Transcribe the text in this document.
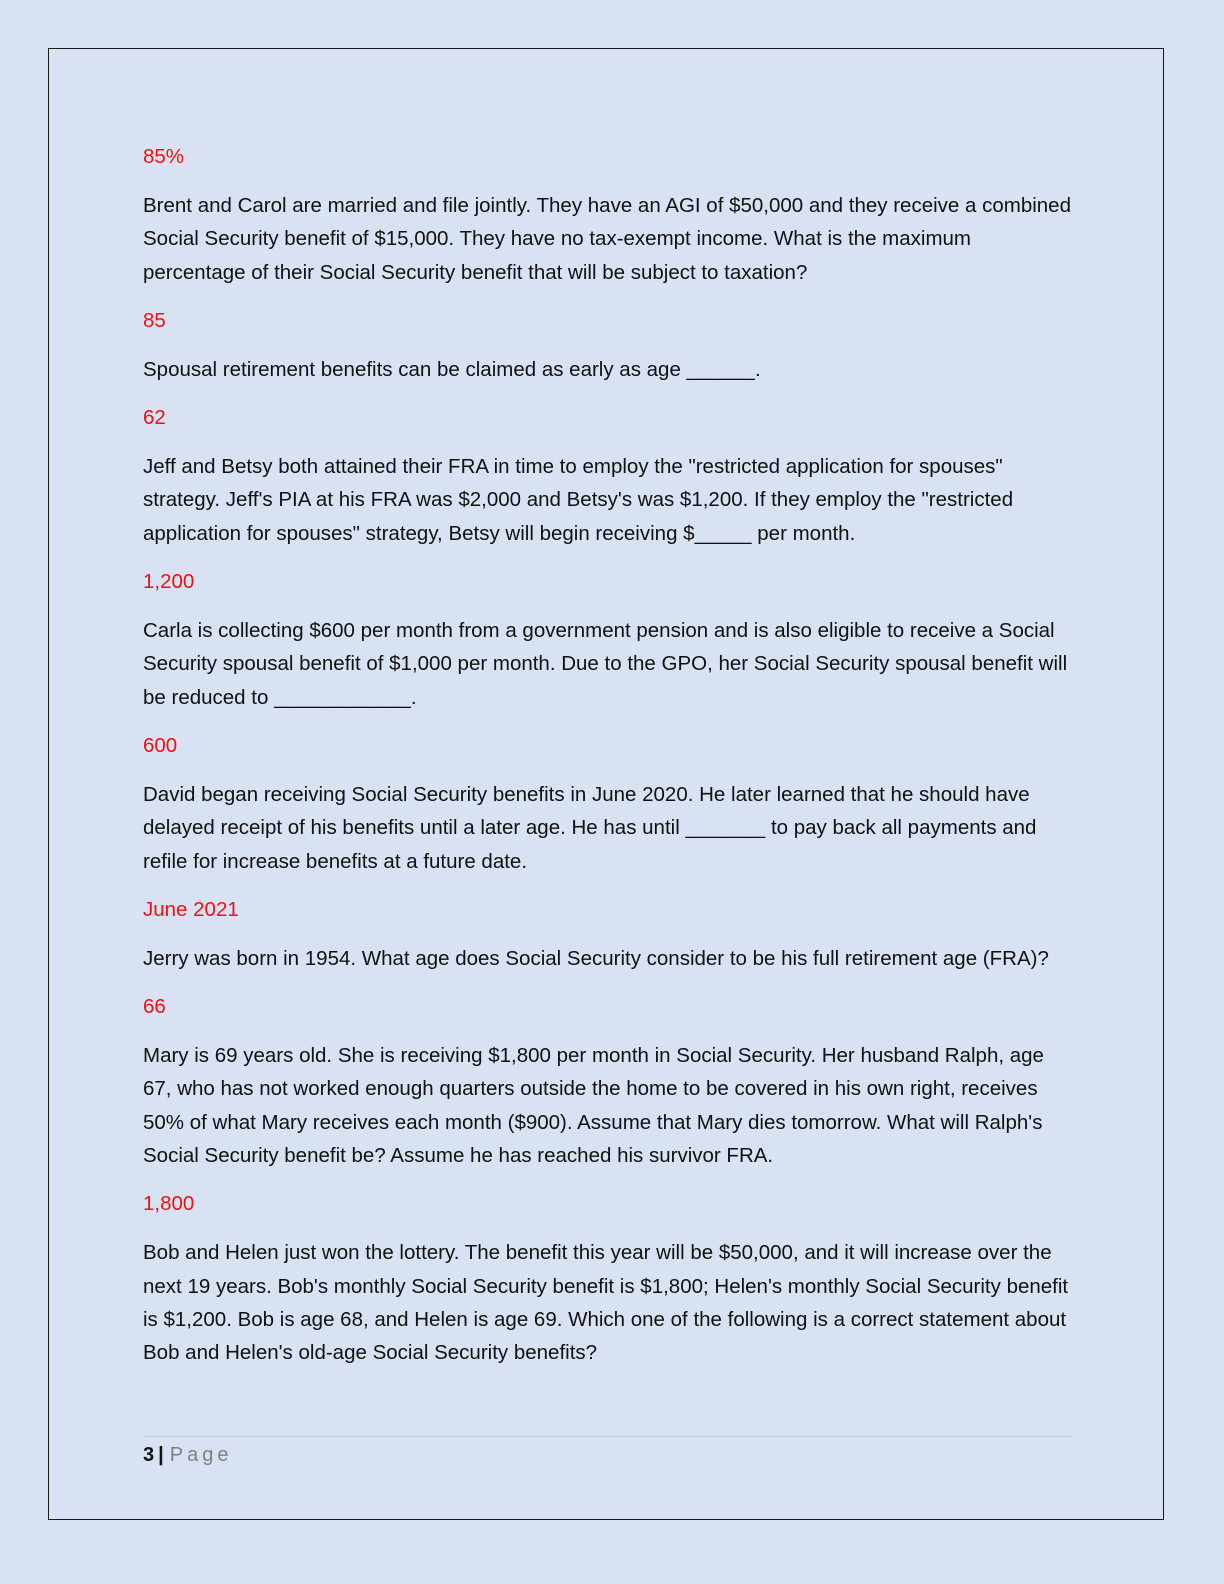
85%

Brent and Carol are married and file jointly. They have an AGI of $50,000 and they receive a combined Social Security benefit of $15,000. They have no tax-exempt income. What is the maximum percentage of their Social Security benefit that will be subject to taxation?

85

Spousal retirement benefits can be claimed as early as age ______.

62

Jeff and Betsy both attained their FRA in time to employ the "restricted application for spouses" strategy. Jeff's PIA at his FRA was $2,000 and Betsy's was $1,200. If they employ the "restricted application for spouses" strategy, Betsy will begin receiving $_____ per month.

1,200

Carla is collecting $600 per month from a government pension and is also eligible to receive a Social Security spousal benefit of $1,000 per month. Due to the GPO, her Social Security spousal benefit will be reduced to ____________.

600

David began receiving Social Security benefits in June 2020. He later learned that he should have delayed receipt of his benefits until a later age. He has until _______ to pay back all payments and refile for increase benefits at a future date.

June 2021

Jerry was born in 1954. What age does Social Security consider to be his full retirement age (FRA)?

66

Mary is 69 years old. She is receiving $1,800 per month in Social Security. Her husband Ralph, age 67, who has not worked enough quarters outside the home to be covered in his own right, receives 50% of what Mary receives each month ($900). Assume that Mary dies tomorrow. What will Ralph's Social Security benefit be? Assume he has reached his survivor FRA.

1,800

Bob and Helen just won the lottery. The benefit this year will be $50,000, and it will increase over the next 19 years. Bob's monthly Social Security benefit is $1,800; Helen's monthly Social Security benefit is $1,200. Bob is age 68, and Helen is age 69. Which one of the following is a correct statement about Bob and Helen's old-age Social Security benefits?

3 | Page
